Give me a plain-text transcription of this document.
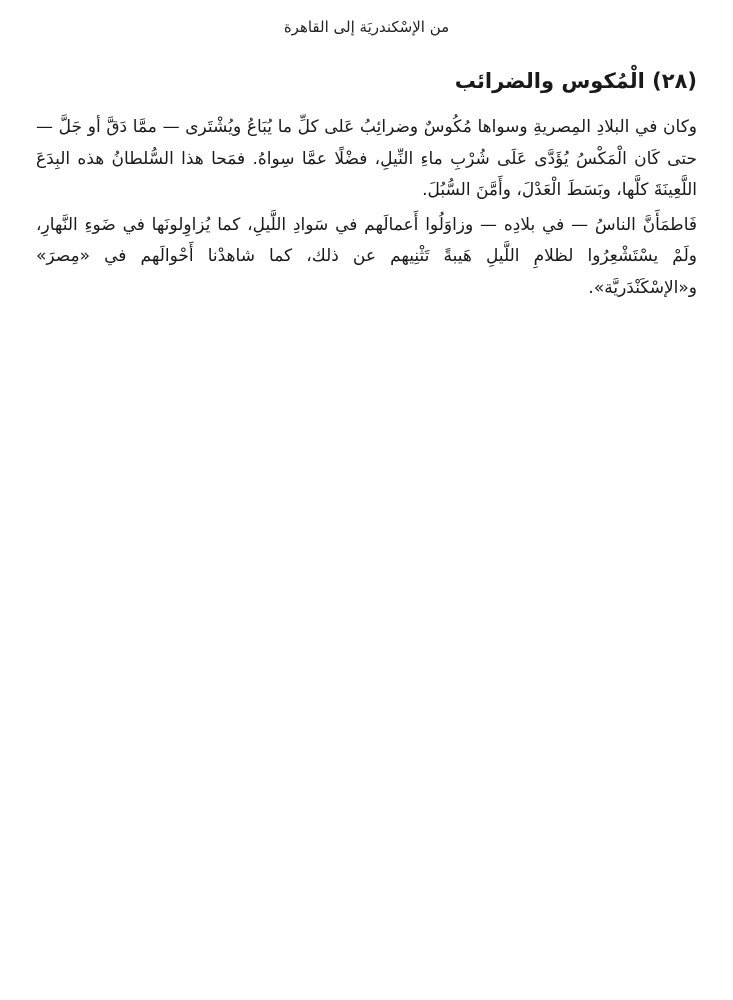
من الإسْكندريَة إلى القاهرة
(٢٨) الْمُكوس والضرائب

وكان في البلادِ المِصريةِ وسواها مُكُوسٌ وضرائِبُ عَلى كلِّ ما يُبَاعُ ويُشْتَرى — ممَّا دَقَّ أو جَلَّ — حتى كَان الْمَكْسُ يُؤَدَّى عَلَى شُرْبِ ماءِ النِّيلِ، فضْلًا عمَّا سِواهُ. فمَحا هذا السُّلطانُ هذه البِدَعَ اللَّعِينَةَ كلَّها، وبَسَطَ الْعَدْلَ، وأَمَّنَ السُّبُلَ.

فَاطمَأَنَّ الناسُ — في بلادِه — وزاوَلُوا أَعمالَهم في سَوادِ اللَّيلِ، كما يُزاوِلونَها في ضَوءِ النَّهارِ، ولَمْ يسْتَشْعِرُوا لظلامِ اللَّيلِ هَيبةً تَثْنِيهم عن ذلك، كما شاهدْنا أَحْوالَهم في «مِصرَ» و«الإسْكَنْدَريَّة».
